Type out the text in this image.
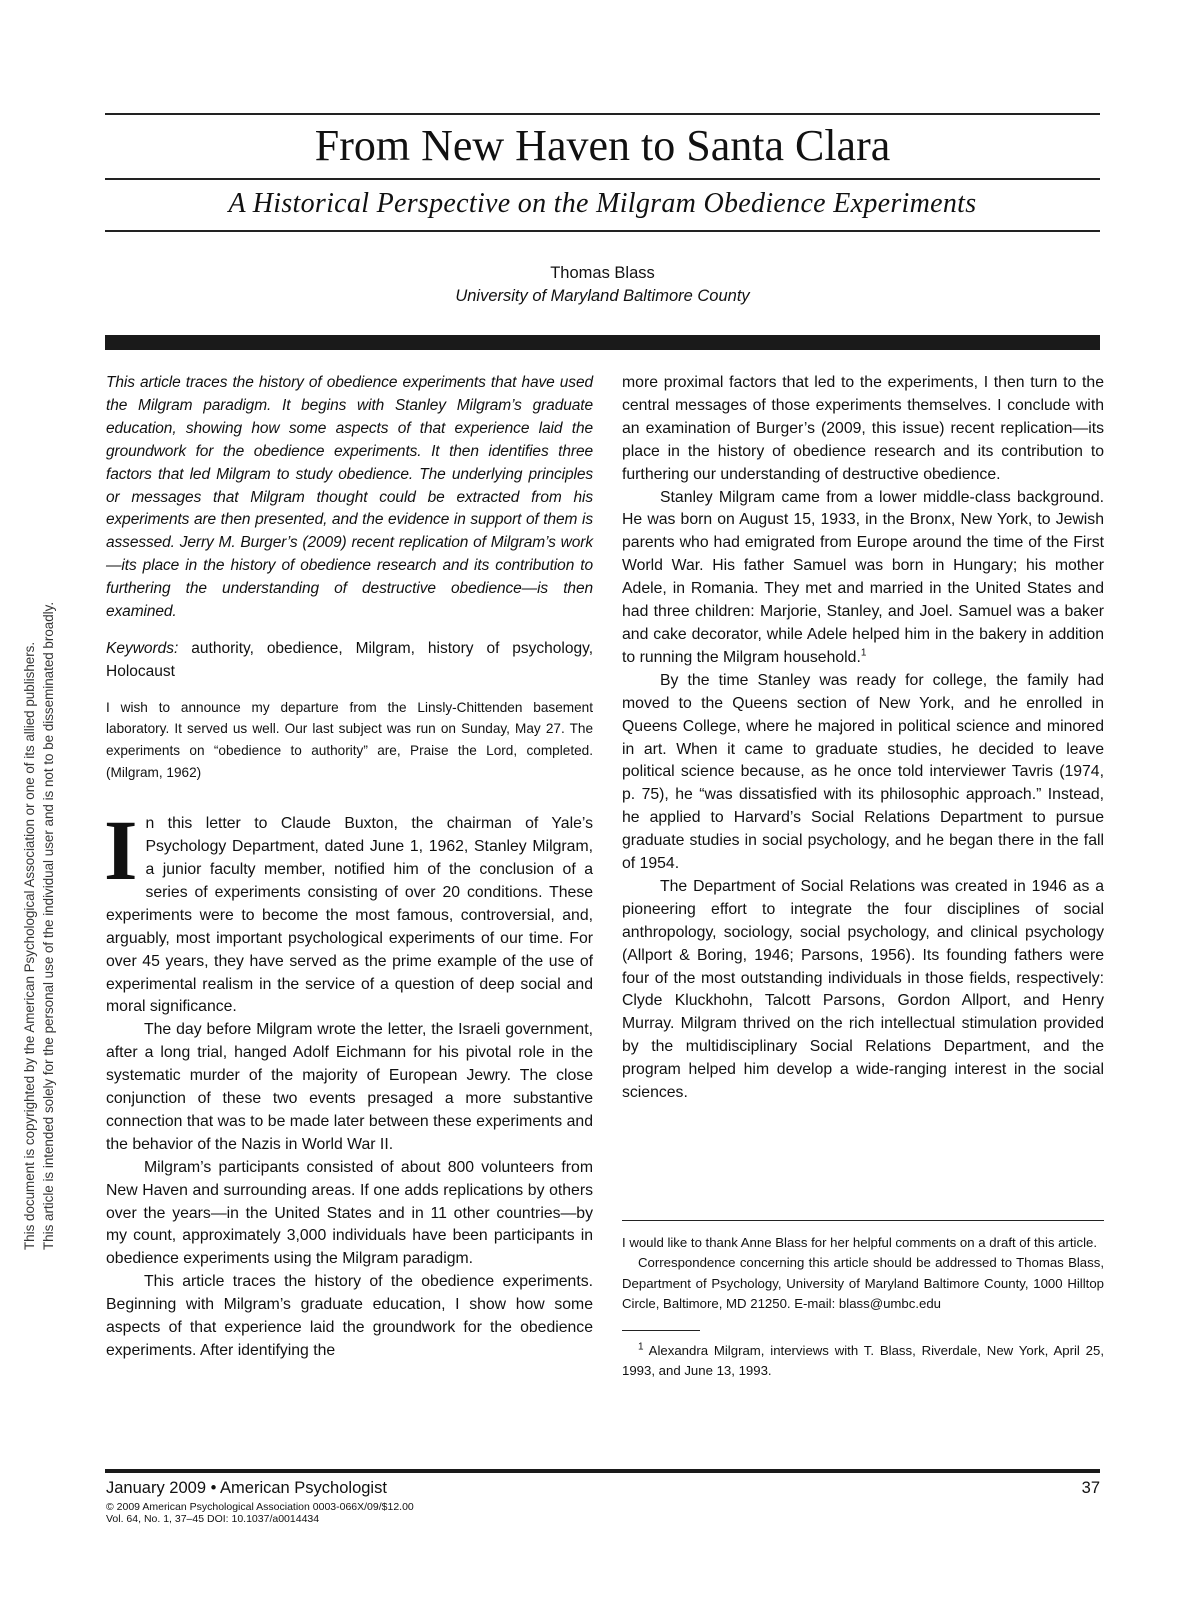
This document is copyrighted by the American Psychological Association or one of its allied publishers. This article is intended solely for the personal use of the individual user and is not to be disseminated broadly.
From New Haven to Santa Clara
A Historical Perspective on the Milgram Obedience Experiments
Thomas Blass
University of Maryland Baltimore County

This article traces the history of obedience experiments that have used the Milgram paradigm. It begins with Stanley Milgram’s graduate education, showing how some aspects of that experience laid the groundwork for the obedience experiments. It then identifies three factors that led Milgram to study obedience. The underlying principles or messages that Milgram thought could be extracted from his experiments are then presented, and the evidence in support of them is assessed. Jerry M. Burger’s (2009) recent replication of Milgram’s work—its place in the history of obedience research and its contribution to furthering the understanding of destructive obedience—is then examined.

Keywords: authority, obedience, Milgram, history of psychology, Holocaust

I wish to announce my departure from the Linsly-Chittenden basement laboratory. It served us well. Our last subject was run on Sunday, May 27. The experiments on “obedience to authority” are, Praise the Lord, completed. (Milgram, 1962)

In this letter to Claude Buxton, the chairman of Yale’s Psychology Department, dated June 1, 1962, Stanley Milgram, a junior faculty member, notified him of the conclusion of a series of experiments consisting of over 20 conditions. These experiments were to become the most famous, controversial, and, arguably, most important psychological experiments of our time. For over 45 years, they have served as the prime example of the use of experimental realism in the service of a question of deep social and moral significance.

The day before Milgram wrote the letter, the Israeli government, after a long trial, hanged Adolf Eichmann for his pivotal role in the systematic murder of the majority of European Jewry. The close conjunction of these two events presaged a more substantive connection that was to be made later between these experiments and the behavior of the Nazis in World War II.

Milgram’s participants consisted of about 800 volunteers from New Haven and surrounding areas. If one adds replications by others over the years—in the United States and in 11 other countries—by my count, approximately 3,000 individuals have been participants in obedience experiments using the Milgram paradigm.

This article traces the history of the obedience experiments. Beginning with Milgram’s graduate education, I show how some aspects of that experience laid the groundwork for the obedience experiments. After identifying the

more proximal factors that led to the experiments, I then turn to the central messages of those experiments themselves. I conclude with an examination of Burger’s (2009, this issue) recent replication—its place in the history of obedience research and its contribution to furthering our understanding of destructive obedience.

Stanley Milgram came from a lower middle-class background. He was born on August 15, 1933, in the Bronx, New York, to Jewish parents who had emigrated from Europe around the time of the First World War. His father Samuel was born in Hungary; his mother Adele, in Romania. They met and married in the United States and had three children: Marjorie, Stanley, and Joel. Samuel was a baker and cake decorator, while Adele helped him in the bakery in addition to running the Milgram household.$^1$

By the time Stanley was ready for college, the family had moved to the Queens section of New York, and he enrolled in Queens College, where he majored in political science and minored in art. When it came to graduate studies, he decided to leave political science because, as he once told interviewer Tavris (1974, p. 75), he “was dissatisfied with its philosophic approach.” Instead, he applied to Harvard’s Social Relations Department to pursue graduate studies in social psychology, and he began there in the fall of 1954.

The Department of Social Relations was created in 1946 as a pioneering effort to integrate the four disciplines of social anthropology, sociology, social psychology, and clinical psychology (Allport & Boring, 1946; Parsons, 1956). Its founding fathers were four of the most outstanding individuals in those fields, respectively: Clyde Kluckhohn, Talcott Parsons, Gordon Allport, and Henry Murray. Milgram thrived on the rich intellectual stimulation provided by the multidisciplinary Social Relations Department, and the program helped him develop a wide-ranging interest in the social sciences.

I would like to thank Anne Blass for her helpful comments on a draft of this article.

Correspondence concerning this article should be addressed to Thomas Blass, Department of Psychology, University of Maryland Baltimore County, 1000 Hilltop Circle, Baltimore, MD 21250. E-mail: blass@umbc.edu

$^1$ Alexandra Milgram, interviews with T. Blass, Riverdale, New York, April 25, 1993, and June 13, 1993.

January 2009 • American Psychologist	37
© 2009 American Psychological Association 0003-066X/09/$12.00
Vol. 64, No. 1, 37–45 DOI: 10.1037/a0014434
